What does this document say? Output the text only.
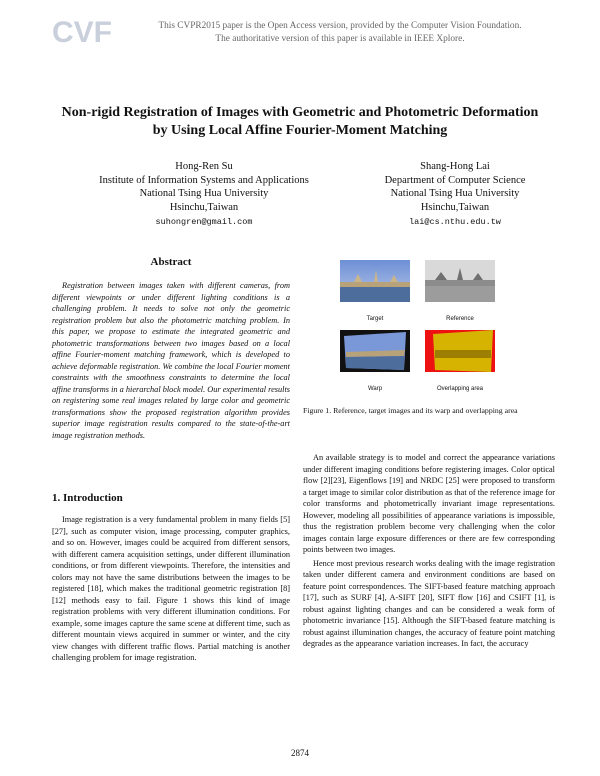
CVF	This CVPR2015 paper is the Open Access version, provided by the Computer Vision Foundation.
The authoritative version of this paper is available in IEEE Xplore.
Non-rigid Registration of Images with Geometric and Photometric Deformation
by Using Local Affine Fourier-Moment Matching
Hong-Ren Su
Institute of Information Systems and Applications
National Tsing Hua University
Hsinchu,Taiwan
suhongren@gmail.com
Shang-Hong Lai
Department of Computer Science
National Tsing Hua University
Hsinchu,Taiwan
lai@cs.nthu.edu.tw
Abstract
Registration between images taken with different cameras, from different viewpoints or under different lighting conditions is a challenging problem. It needs to solve not only the geometric registration problem but also the photometric matching problem. In this paper, we propose to estimate the integrated geometric and photometric transformations between two images based on a local affine Fourier-moment matching framework, which is developed to achieve deformable registration. We combine the local Fourier moment constraints with the smoothness constraints to determine the local affine transforms in a hierarchal block model. Our experimental results on registering some real images related by large color and geometric transformations show the proposed registration algorithm provides superior image registration results compared to the state-of-the-art image registration methods.
1. Introduction

Image registration is a very fundamental problem in many fields [5][27], such as computer vision, image processing, computer graphics, and so on. However, images could be acquired from different sensors, with different camera acquisition settings, under different illumination conditions, or from different viewpoints. Therefore, the intensities and colors may not have the same distributions between the images to be registered [18], which makes the traditional geometric registration [8][12] methods easy to fail. Figure 1 shows this kind of image registration problems with very different illumination conditions. For example, some images capture the same scene at different time, such as different mountain views acquired in summer or winter, and the city view changes with different traffic flows. Partial matching is another challenging problem for image registration.

Target	Reference
Warp	Overlapping area
Figure 1. Reference, target images and its warp and overlapping area

An available strategy is to model and correct the appearance variations under different imaging conditions before registering images. Color optical flow [2][23], Eigenflows [19] and NRDC [25] were proposed to transform a target image to similar color distribution as that of the reference image for color transforms and photometrically invariant image representations. However, modeling all possibilities of appearance variations is impossible, thus the registration problem become very challenging when the color images contain large exposure differences or there are few corresponding points between two images.

Hence most previous research works dealing with the image registration taken under different camera and environment conditions are based on feature point correspondences. The SIFT-based feature matching approach [17], such as SURF [4], A-SIFT [20], SIFT flow [16] and CSIFT [1], is robust against lighting changes and can be considered a weak form of photometric invariance [15]. Although the SIFT-based feature matching is robust against illumination changes, the accuracy of feature point matching degrades as the appearance variation increases. In fact, the accuracy

2874
